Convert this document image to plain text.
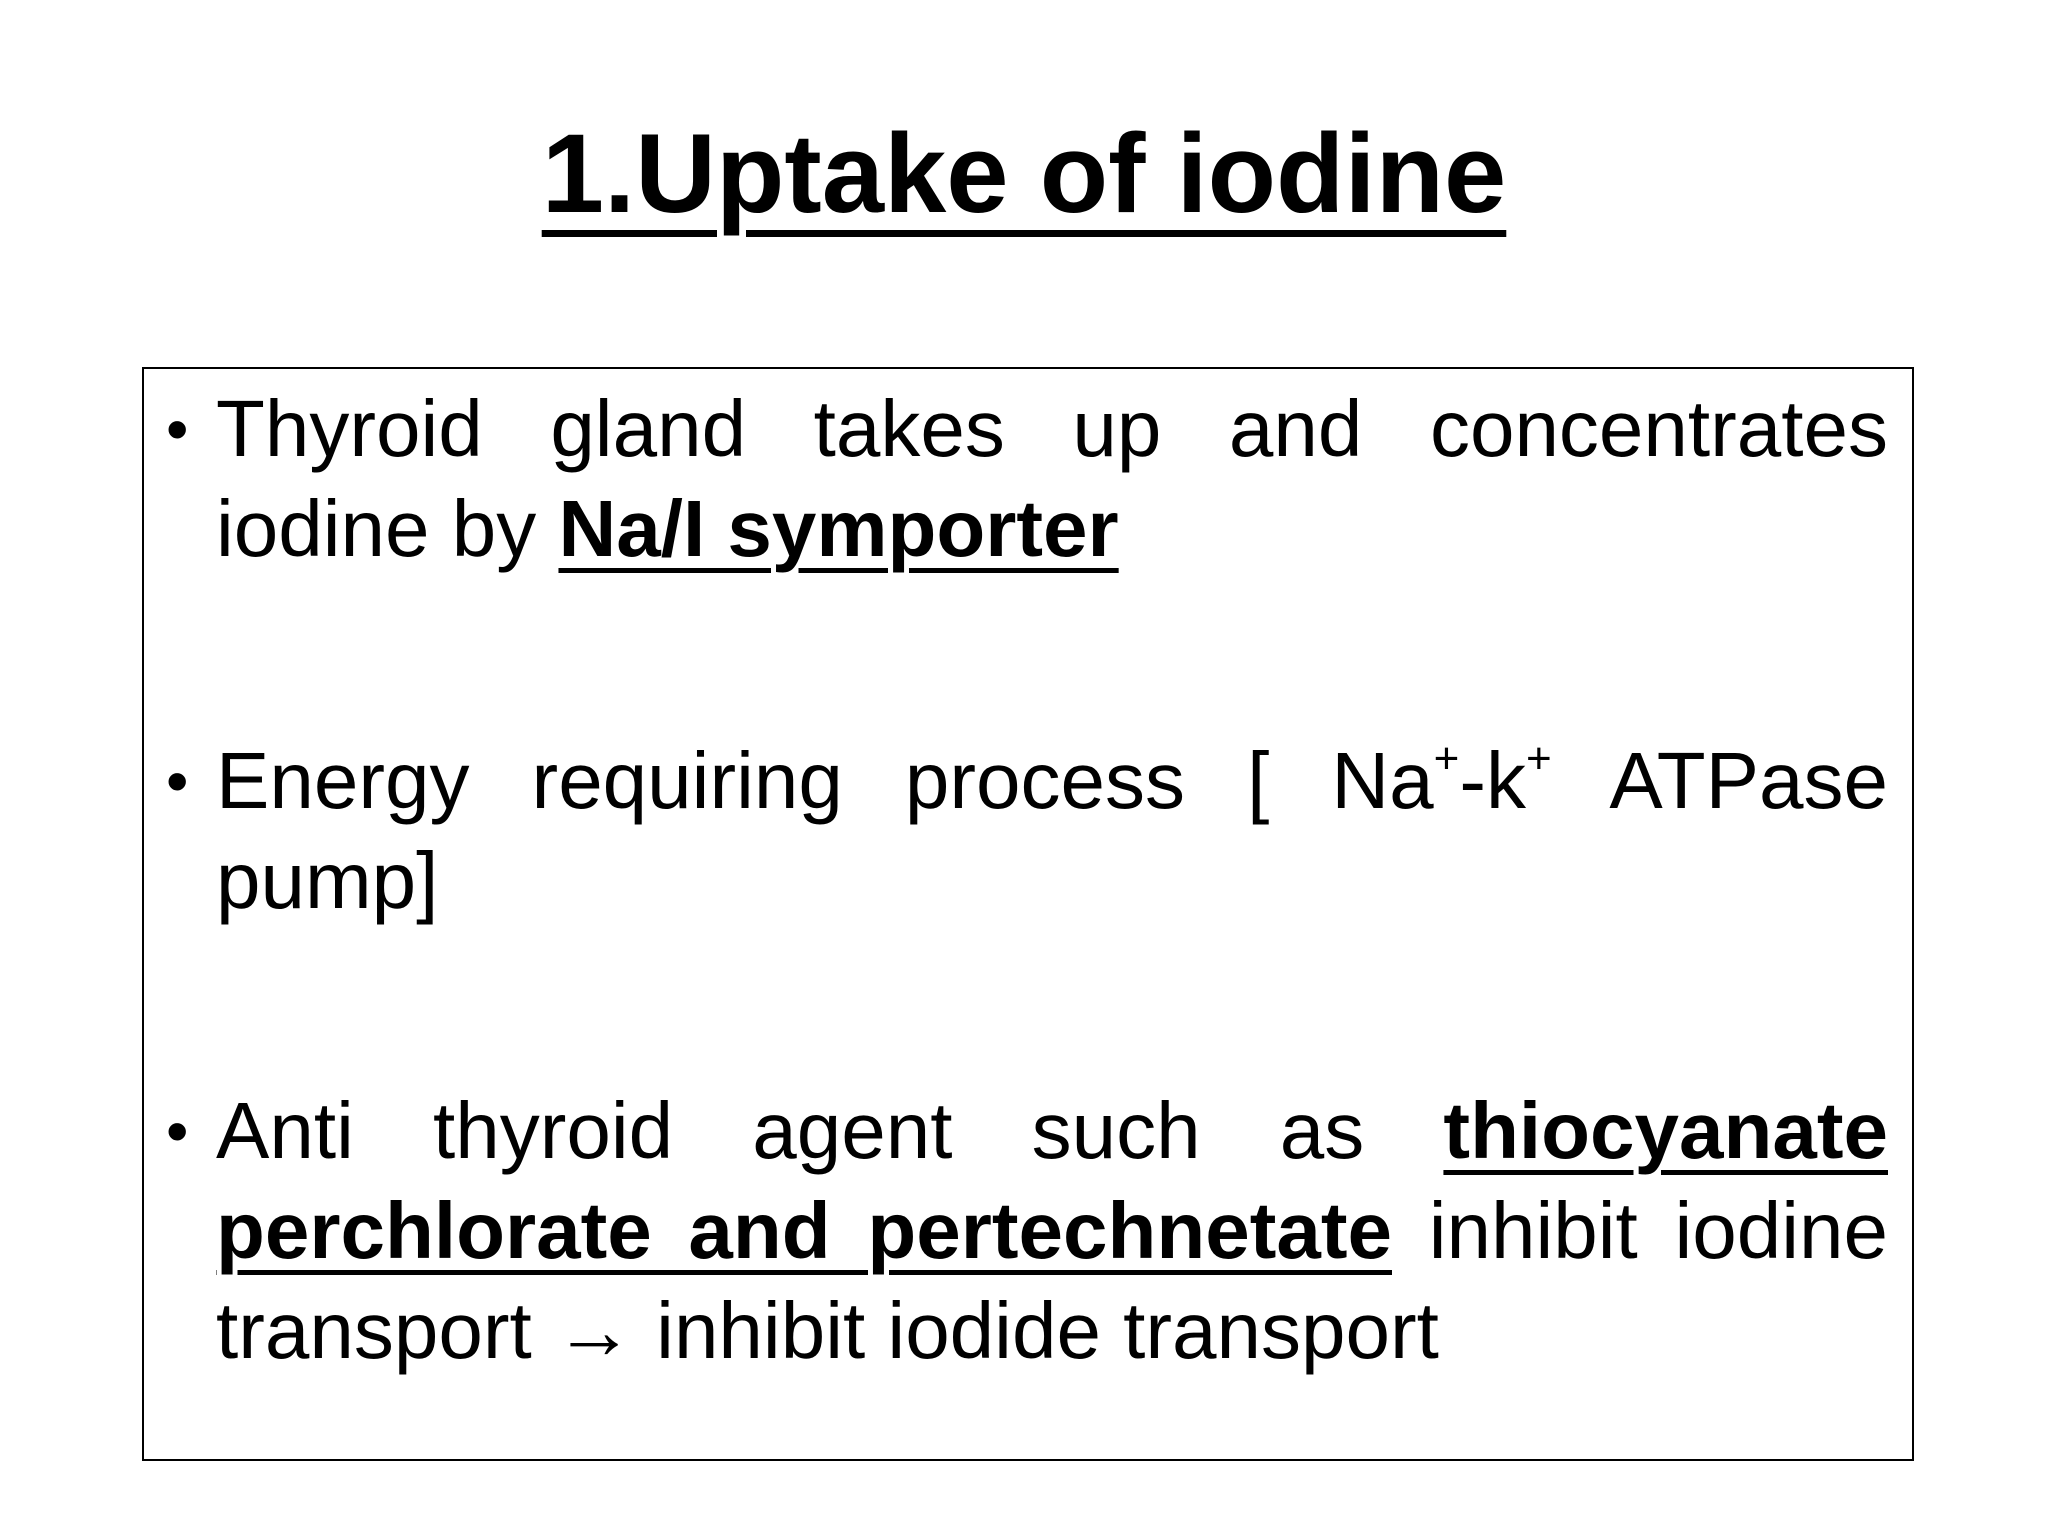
1.Uptake of iodine
• Thyroid gland takes up and concentrates iodine by Na/I symporter
• Energy requiring process [ Na+-k+ ATPase pump]
• Anti thyroid agent such as thiocyanate perchlorate and pertechnetate inhibit iodine transport → inhibit iodide transport
